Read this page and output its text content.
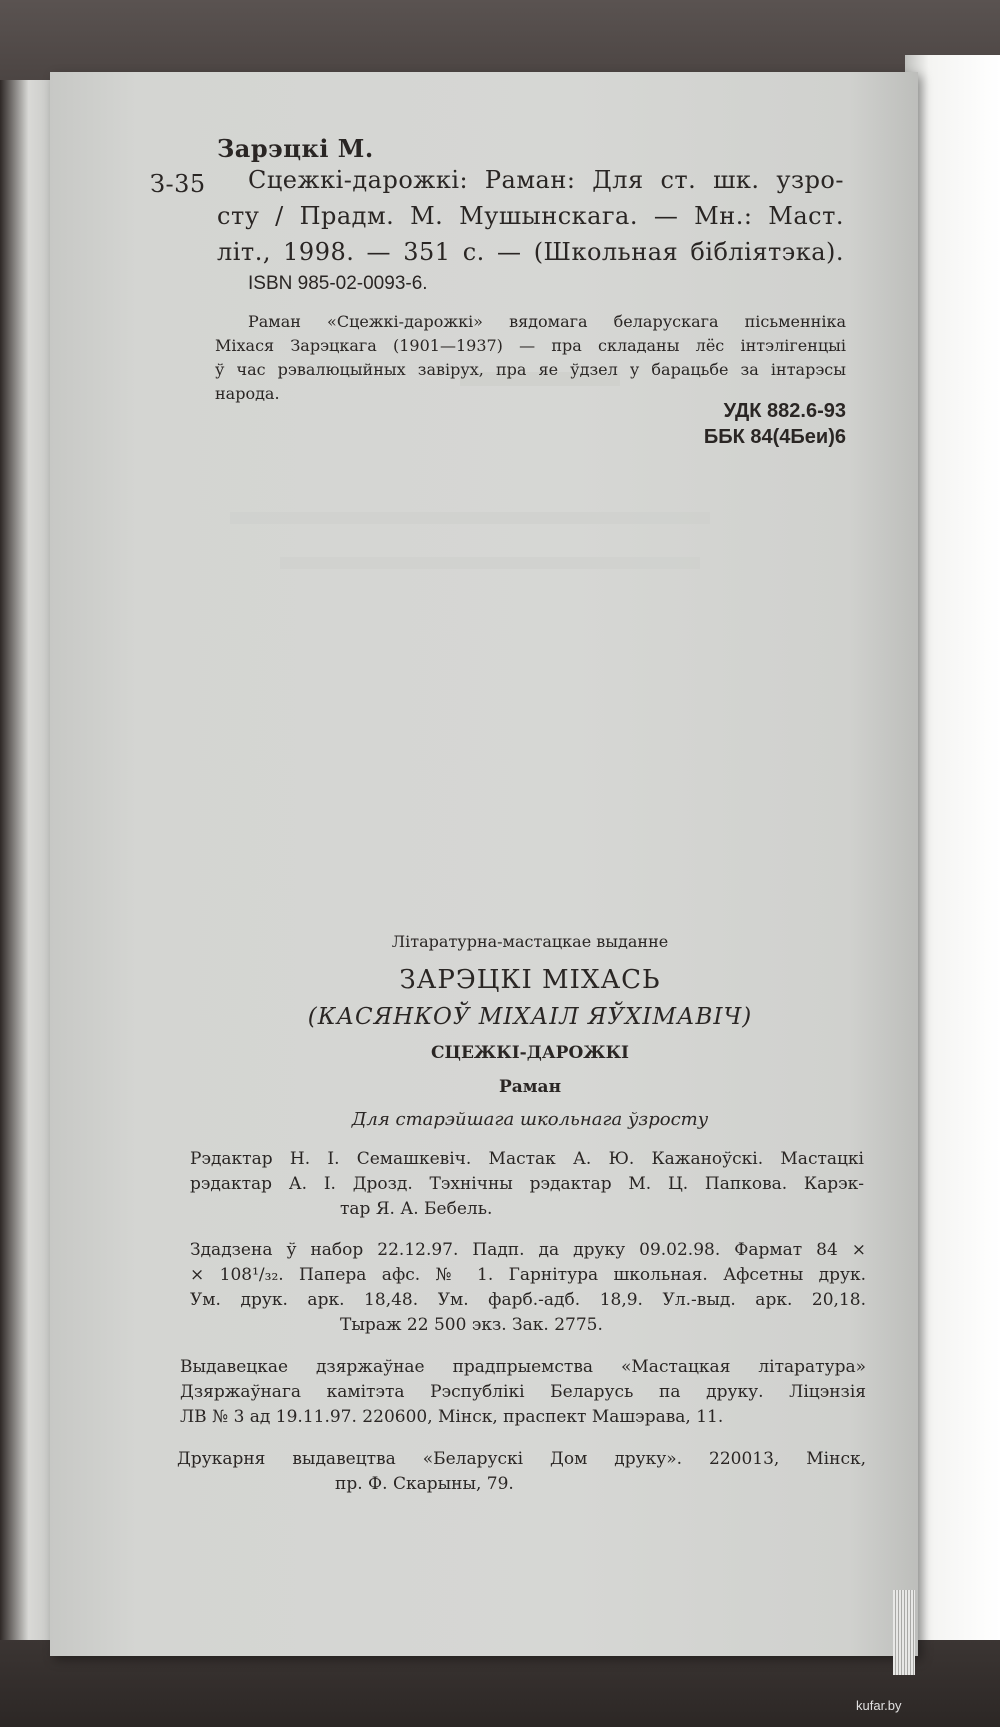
Зарэцкі М.
З-35 Сцежкі-дарожкі: Раман: Для ст. шк. узро-
сту / Прадм. М. Мушынскага. — Мн.: Маст.
літ., 1998. — 351 с. — (Школьная бібліятэка).
ISBN 985-02-0093-6.
Раман «Сцежкі-дарожкі» вядомага беларускага пісьменніка
Міхася Зарэцкага (1901—1937) — пра складаны лёс інтэлігенцыі
ў час рэвалюцыйных завірух, пра яе ўдзел у барацьбе за інтарэсы
народа.
УДК 882.6-93
ББК 84(4Беи)6
Літаратурна-мастацкае выданне
ЗАРЭЦКІ МІХАСЬ
(КАСЯНКОЎ МІХАІЛ ЯЎХІМАВІЧ)
СЦЕЖКІ-ДАРОЖКІ
Раман
Для старэйшага школьнага ўзросту
Рэдактар Н. І. Семашкевіч. Мастак А. Ю. Кажаноўскі. Мастацкі
рэдактар А. І. Дрозд. Тэхнічны рэдактар М. Ц. Папкова. Карэк-
тар Я. А. Бебель.
Здадзена ў набор 22.12.97. Падп. да друку 09.02.98. Фармат 84 ×
× 108¹/₃₂. Папера афс. № 1. Гарнітура школьная. Афсетны друк.
Ум. друк. арк. 18,48. Ум. фарб.-адб. 18,9. Ул.-выд. арк. 20,18.
Тыраж 22 500 экз. Зак. 2775.
Выдавецкае дзяржаўнае прадпрыемства «Мастацкая літаратура»
Дзяржаўнага камітэта Рэспублікі Беларусь па друку. Ліцэнзія
ЛВ № 3 ад 19.11.97. 220600, Мінск, праспект Машэрава, 11.
Друкарня выдавецтва «Беларускі Дом друку». 220013, Мінск,
пр. Ф. Скарыны, 79.
kufar.by
